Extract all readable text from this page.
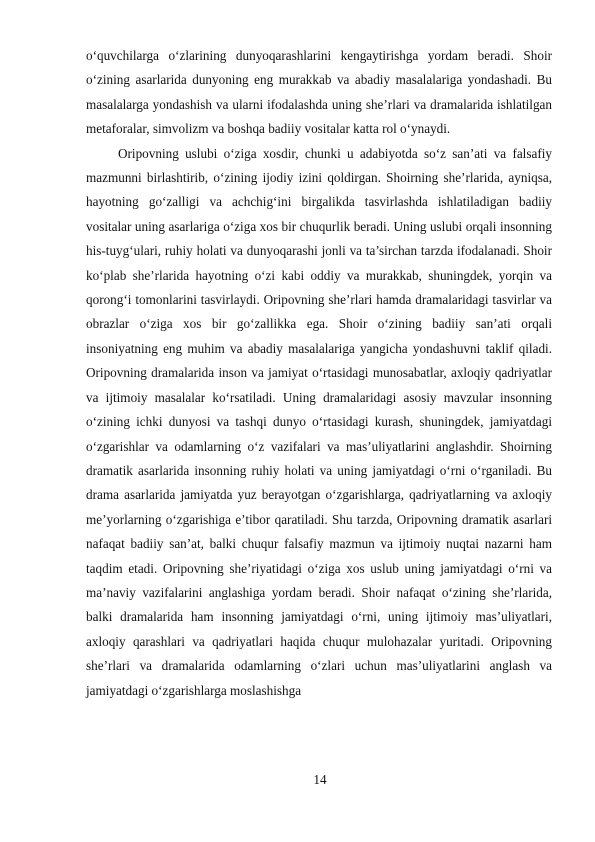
o‘quvchilarga o‘zlarining dunyoqarashlarini kengaytirishga yordam beradi. Shoir o‘zining asarlarida dunyoning eng murakkab va abadiy masalalariga yondashadi. Bu masalalarga yondashish va ularni ifodalashda uning she’rlari va dramalarida ishlatilgan metaforalar, simvolizm va boshqa badiiy vositalar katta rol o‘ynaydi.

Oripovning uslubi o‘ziga xosdir, chunki u adabiyotda so‘z san’ati va falsafiy mazmunni birlashtirib, o‘zining ijodiy izini qoldirgan. Shoirning she’rlarida, ayniqsa, hayotning go‘zalligi va achchig‘ini birgalikda tasvirlashda ishlatiladigan badiiy vositalar uning asarlariga o‘ziga xos bir chuqurlik beradi. Uning uslubi orqali insonning his-tuyg‘ulari, ruhiy holati va dunyoqarashi jonli va ta’sirchan tarzda ifodalanadi. Shoir ko‘plab she’rlarida hayotning o‘zi kabi oddiy va murakkab, shuningdek, yorqin va qorong‘i tomonlarini tasvirlaydi. Oripovning she’rlari hamda dramalaridagi tasvirlar va obrazlar o‘ziga xos bir go‘zallikka ega. Shoir o‘zining badiiy san’ati orqali insoniyatning eng muhim va abadiy masalalariga yangicha yondashuvni taklif qiladi. Oripovning dramalarida inson va jamiyat o‘rtasidagi munosabatlar, axloqiy qadriyatlar va ijtimoiy masalalar ko‘rsatiladi. Uning dramalaridagi asosiy mavzular insonning o‘zining ichki dunyosi va tashqi dunyo o‘rtasidagi kurash, shuningdek, jamiyatdagi o‘zgarishlar va odamlarning o‘z vazifalari va mas’uliyatlarini anglashdir. Shoirning dramatik asarlarida insonning ruhiy holati va uning jamiyatdagi o‘rni o‘rganiladi. Bu drama asarlarida jamiyatda yuz berayotgan o‘zgarishlarga, qadriyatlarning va axloqiy me’yorlarning o‘zgarishiga e’tibor qaratiladi. Shu tarzda, Oripovning dramatik asarlari nafaqat badiiy san’at, balki chuqur falsafiy mazmun va ijtimoiy nuqtai nazarni ham taqdim etadi. Oripovning she’riyatidagi o‘ziga xos uslub uning jamiyatdagi o‘rni va ma’naviy vazifalarini anglashiga yordam beradi. Shoir nafaqat o‘zining she’rlarida, balki dramalarida ham insonning jamiyatdagi o‘rni, uning ijtimoiy mas’uliyatlari, axloqiy qarashlari va qadriyatlari haqida chuqur mulohazalar yuritadi. Oripovning she’rlari va dramalarida odamlarning o‘zlari uchun mas’uliyatlarini anglash va jamiyatdagi o‘zgarishlarga moslashishga

14
